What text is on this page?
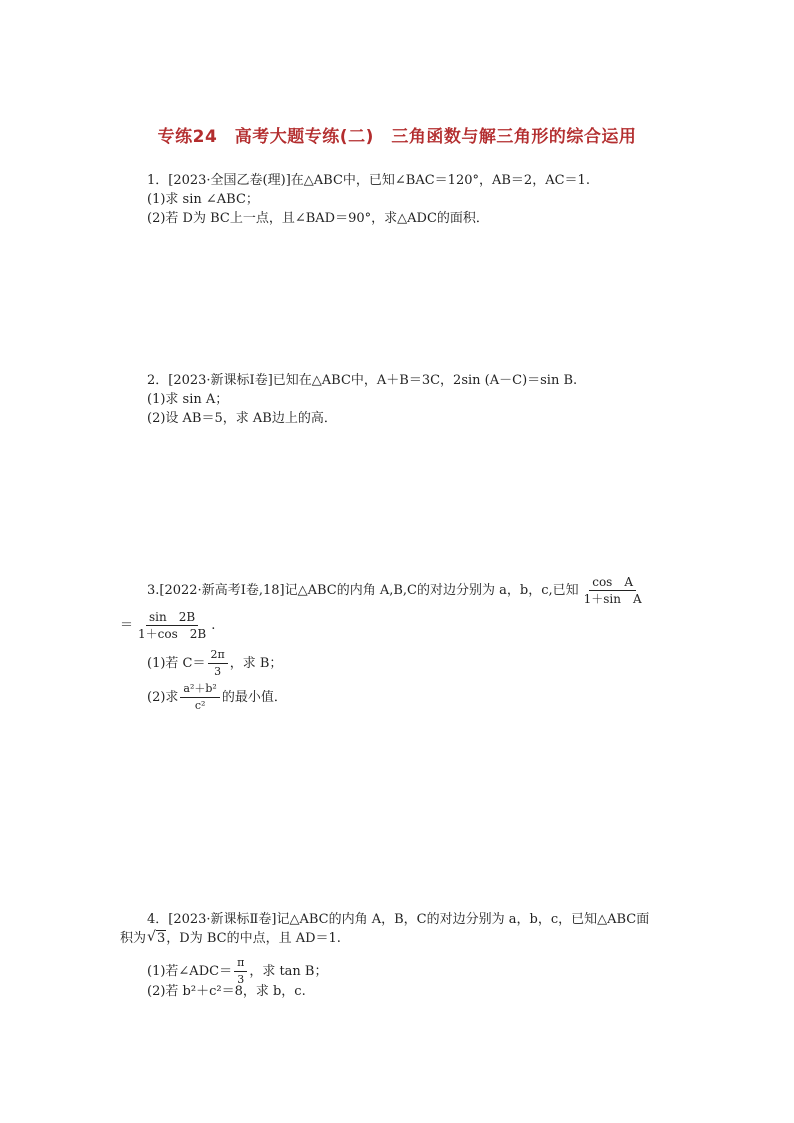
专练24　高考大题专练(二)　三角函数与解三角形的综合运用
1．[2023·全国乙卷(理)]在△ABC中，已知∠BAC＝120°，AB＝2，AC＝1.
(1)求 sin ∠ABC；
(2)若 D为 BC上一点，且∠BAD＝90°，求△ADC的面积．
2．[2023·新课标Ⅰ卷]已知在△ABC中，A＋B＝3C，2sin (A－C)＝sin B.
(1)求 sin A；
(2)设 AB＝5，求 AB边上的高．
3.[2022·新高考Ⅰ卷,18]记△ABC的内角 A,B,C的对边分别为 a，b，c,已知 $\frac{\text{cos　A}}{\text{1＋sin　A}}$
＝ $\frac{\sin 2B}{1+\cos 2B}$ .
(1)若 $C= \frac{2\pi}{3}$ ，求 B；
(2)求 $\frac{\text{a²＋b²}}{\text{c²}}$ 的最小值．
4．[2023·新课标Ⅱ卷]记△ABC的内角 A，B，C的对边分别为 a，b，c，已知△ABC面
积为√ 3，D为 BC的中点，且 AD＝1.
(1)若∠ADC＝ $\frac{\pi}{3}$ ，求 tan B；
(2)若 b²＋c²＝8，求 b，c.
